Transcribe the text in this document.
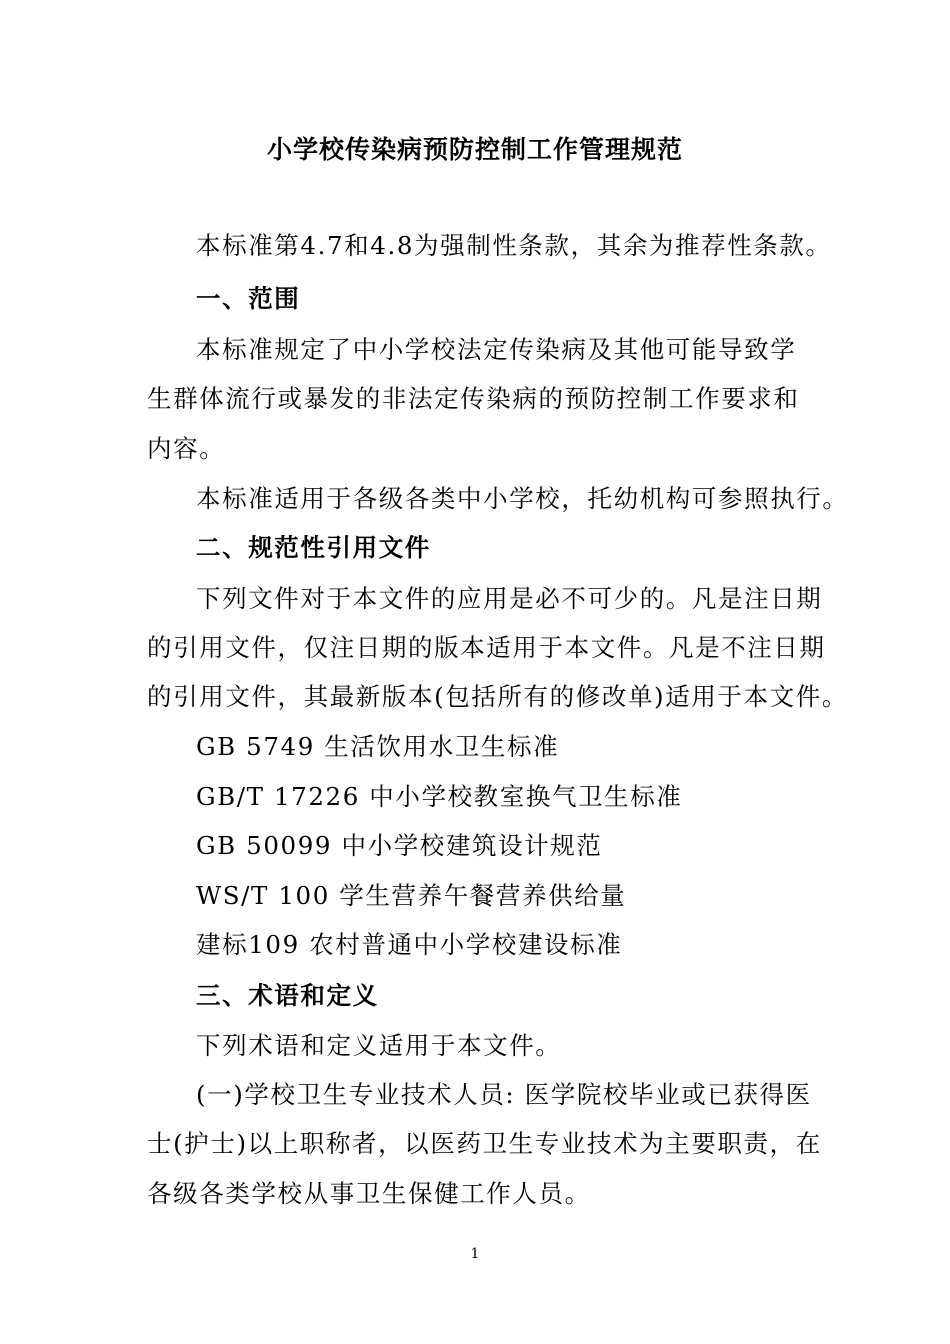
小学校传染病预防控制工作管理规范
本标准第4.7和4.8为强制性条款，其余为推荐性条款。
一、范围
本标准规定了中小学校法定传染病及其他可能导致学
生群体流行或暴发的非法定传染病的预防控制工作要求和
内容。
本标准适用于各级各类中小学校，托幼机构可参照执行。
二、规范性引用文件
下列文件对于本文件的应用是必不可少的。凡是注日期
的引用文件，仅注日期的版本适用于本文件。凡是不注日期
的引用文件，其最新版本(包括所有的修改单)适用于本文件。
GB 5749 生活饮用水卫生标准
GB/T 17226 中小学校教室换气卫生标准
GB 50099 中小学校建筑设计规范
WS/T 100 学生营养午餐营养供给量
建标109 农村普通中小学校建设标准
三、术语和定义
下列术语和定义适用于本文件。
(一)学校卫生专业技术人员: 医学院校毕业或已获得医
士(护士)以上职称者，以医药卫生专业技术为主要职责，在
各级各类学校从事卫生保健工作人员。
1
